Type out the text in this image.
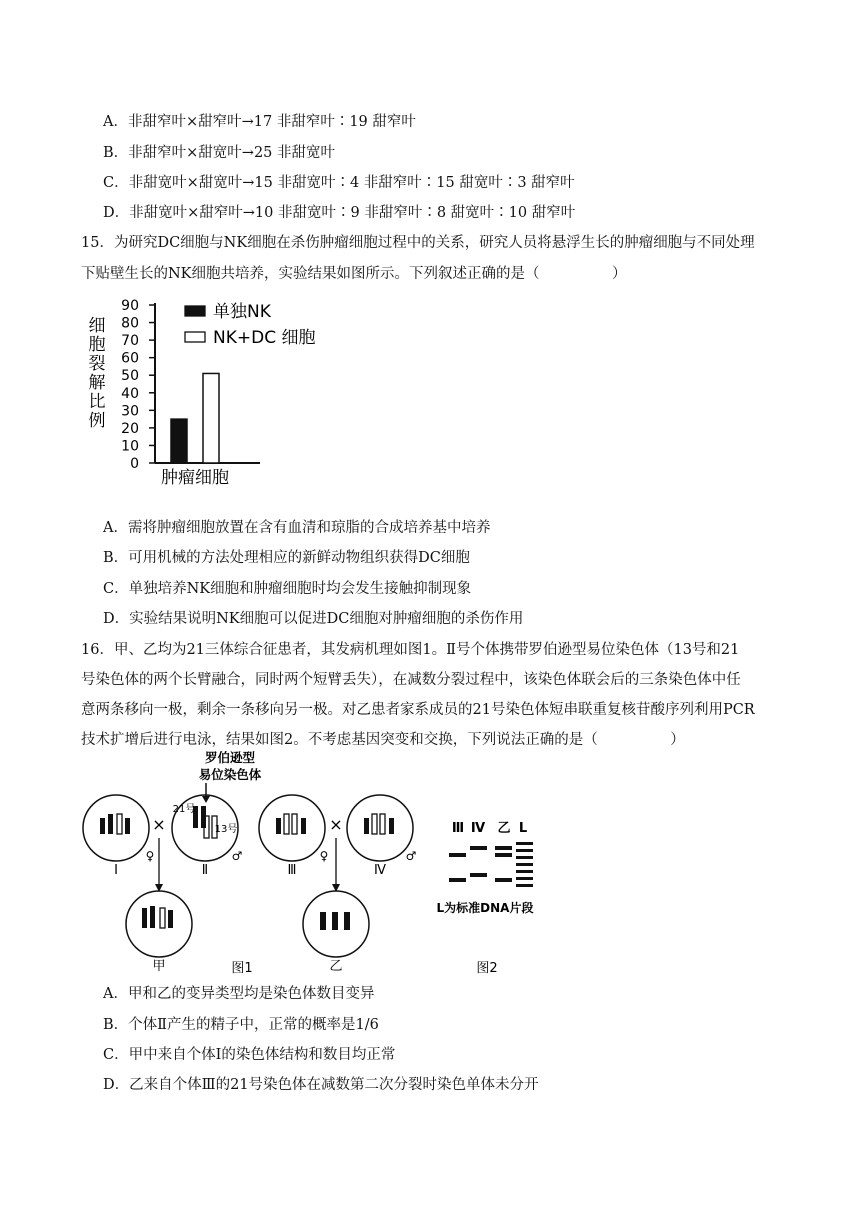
A．非甜窄叶×甜窄叶→17 非甜窄叶∶19 甜窄叶
B．非甜窄叶×甜宽叶→25 非甜宽叶
C．非甜宽叶×甜宽叶→15 非甜宽叶∶4 非甜窄叶∶15 甜宽叶∶3 甜窄叶
D．非甜宽叶×甜窄叶→10 非甜宽叶∶9 非甜窄叶∶8 甜宽叶∶10 甜窄叶
15．为研究DC细胞与NK细胞在杀伤肿瘤细胞过程中的关系，研究人员将悬浮生长的肿瘤细胞与不同处理
下贴壁生长的NK细胞共培养，实验结果如图所示。下列叙述正确的是（　　　　　）
细
胞
裂
解
比
例
90
80
70
60
50
40
30
20
10
0
单独NK
NK+DC 细胞
肿瘤细胞
A．需将肿瘤细胞放置在含有血清和琼脂的合成培养基中培养
B．可用机械的方法处理相应的新鲜动物组织获得DC细胞
C．单独培养NK细胞和肿瘤细胞时均会发生接触抑制现象
D．实验结果说明NK细胞可以促进DC细胞对肿瘤细胞的杀伤作用
16．甲、乙均为21三体综合征患者，其发病机理如图1。Ⅱ号个体携带罗伯逊型易位染色体（13号和21
号染色体的两个长臂融合，同时两个短臂丢失），在减数分裂过程中，该染色体联会后的三条染色体中任
意两条移向一极，剩余一条移向另一极。对乙患者家系成员的21号染色体短串联重复核苷酸序列利用PCR
技术扩增后进行电泳，结果如图2。不考虑基因突变和交换，下列说法正确的是（　　　　　）
罗伯逊型
易位染色体
Ⅰ
×
♀
21号
13号
Ⅱ
♂
甲
Ⅲ
×
♀
Ⅳ
♂
乙
Ⅲ Ⅳ 乙 L
L为标准DNA片段
图1	图2
A．甲和乙的变异类型均是染色体数目变异
B．个体Ⅱ产生的精子中，正常的概率是1/6
C．甲中来自个体Ⅰ的染色体结构和数目均正常
D．乙来自个体Ⅲ的21号染色体在减数第二次分裂时染色单体未分开
